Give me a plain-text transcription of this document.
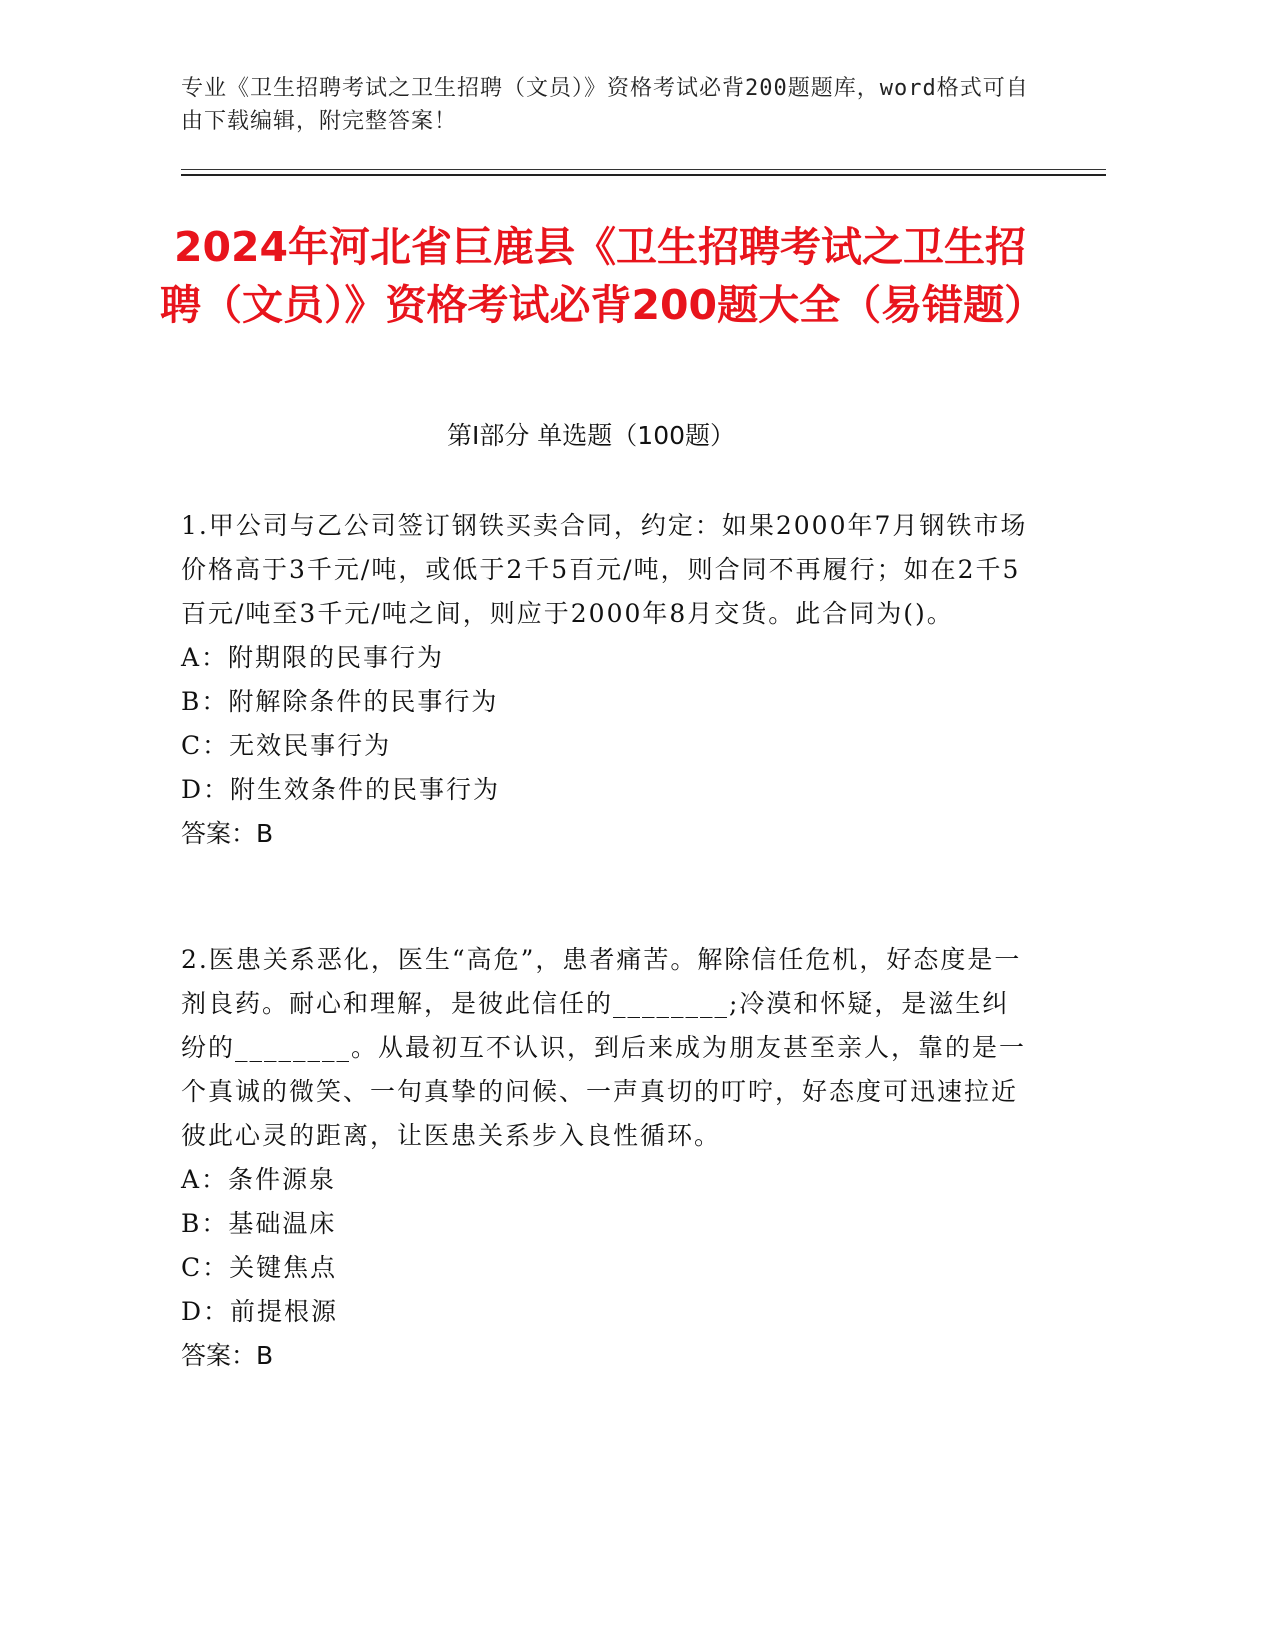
专业《卫生招聘考试之卫生招聘（文员）》资格考试必背200题题库，word格式可自由下载编辑，附完整答案！
2024年河北省巨鹿县《卫生招聘考试之卫生招聘（文员）》资格考试必背200题大全（易错题）
第Ⅰ部分 单选题（100题）

1.甲公司与乙公司签订钢铁买卖合同，约定：如果2000年7月钢铁市场价格高于3千元/吨，或低于2千5百元/吨，则合同不再履行；如在2千5百元/吨至3千元/吨之间，则应于2000年8月交货。此合同为()。

A：附期限的民事行为

B：附解除条件的民事行为

C：无效民事行为

D：附生效条件的民事行为

答案：B

2.医患关系恶化，医生“高危”，患者痛苦。解除信任危机，好态度是一剂良药。耐心和理解，是彼此信任的________;冷漠和怀疑，是滋生纠纷的________。从最初互不认识，到后来成为朋友甚至亲人，靠的是一个真诚的微笑、一句真挚的问候、一声真切的叮咛，好态度可迅速拉近彼此心灵的距离，让医患关系步入良性循环。

A：条件源泉

B：基础温床

C：关键焦点

D：前提根源

答案：B
